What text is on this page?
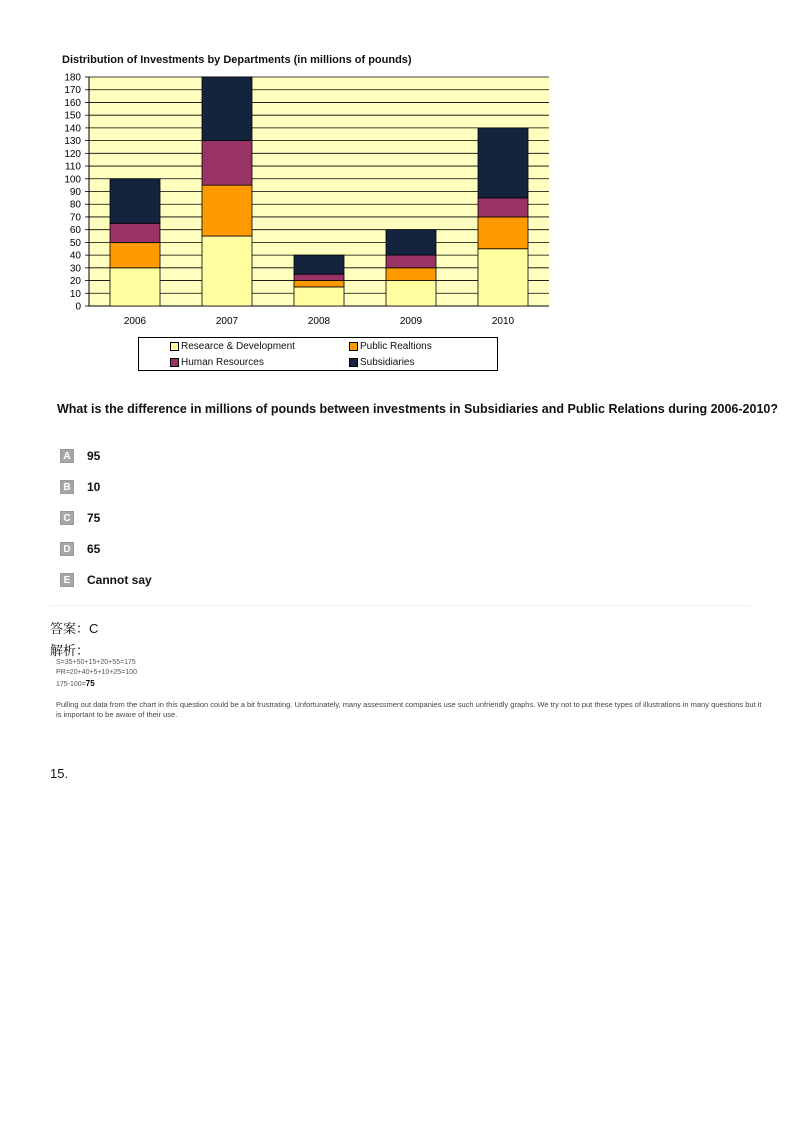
Distribution of Investments by Departments (in millions of pounds)
0
10
20
30
40
50
60
70
80
90
100
110
120
130
140
150
160
170
180
2006	2007	2008	2009	2010
Researce & Development	Public Realtions
Human Resources	Subsidiaries
What is the difference in millions of pounds between investments in Subsidiaries and Public Relations during 2006-2010?
A 95
B 10
C 75
D 65
E	Cannot say
答案：C
解析：
S=35+50+15+20+55=175
PR=20+40+5+10+25=100
175-100=75
Pulling out data from the chart in this question could be a bit frustrating. Unfortunately, many assessment companies use such unfriendly graphs. We try not to put these types of illustrations in many questions but it is important to be aware of their use.
15.
